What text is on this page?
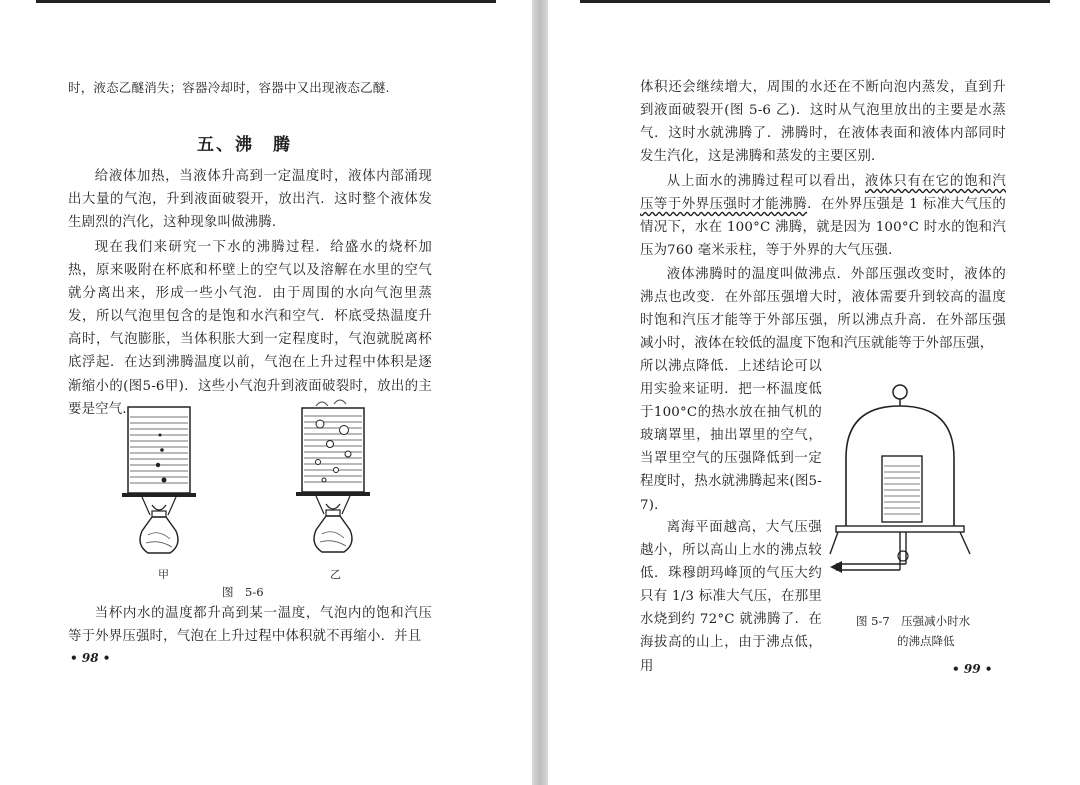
时，液态乙醚消失；容器冷却时，容器中又出现液态乙醚.

五、沸　腾

给液体加热，当液体升高到一定温度时，液体内部涌现出大量的气泡，升到液面破裂开，放出汽．这时整个液体发生剧烈的汽化，这种现象叫做沸腾．

现在我们来研究一下水的沸腾过程．给盛水的烧杯加热，原来吸附在杯底和杯壁上的空气以及溶解在水里的空气就分离出来，形成一些小气泡．由于周围的水向气泡里蒸发，所以气泡里包含的是饱和水汽和空气．杯底受热温度升高时，气泡膨胀，当体积胀大到一定程度时，气泡就脱离杯底浮起．在达到沸腾温度以前，气泡在上升过程中体积是逐渐缩小的(图5-6甲)．这些小气泡升到液面破裂时，放出的主要是空气．

甲	乙
图　5-6

当杯内水的温度都升高到某一温度，气泡内的饱和汽压等于外界压强时，气泡在上升过程中体积就不再缩小．并且

• 98 •

体积还会继续增大，周围的水还在不断向泡内蒸发，直到升到液面破裂开(图 5-6 乙)．这时从气泡里放出的主要是水蒸气．这时水就沸腾了．沸腾时，在液体表面和液体内部同时发生汽化，这是沸腾和蒸发的主要区别．

从上面水的沸腾过程可以看出，液体只有在它的饱和汽压等于外界压强时才能沸腾．在外界压强是 1 标准大气压的情况下，水在 100°C 沸腾，就是因为 100°C 时水的饱和汽压为760 毫米汞柱，等于外界的大气压强．

液体沸腾时的温度叫做沸点．外部压强改变时，液体的沸点也改变．在外部压强增大时，液体需要升到较高的温度时饱和汽压才能等于外部压强，所以沸点升高．在外部压强减小时，液体在较低的温度下饱和汽压就能等于外部压强，

所以沸点降低．上述结论可以用实验来证明．把一杯温度低于100°C的热水放在抽气机的玻璃罩里，抽出罩里的空气，当罩里空气的压强降低到一定程度时，热水就沸腾起来(图5-7)．

离海平面越高，大气压强越小，所以高山上水的沸点较低．珠穆朗玛峰顶的气压大约只有 1/3 标准大气压，在那里水烧到约 72°C 就沸腾了．在海拔高的山上，由于沸点低，用

图 5-7　压强减小时水
的沸点降低
• 99 •
